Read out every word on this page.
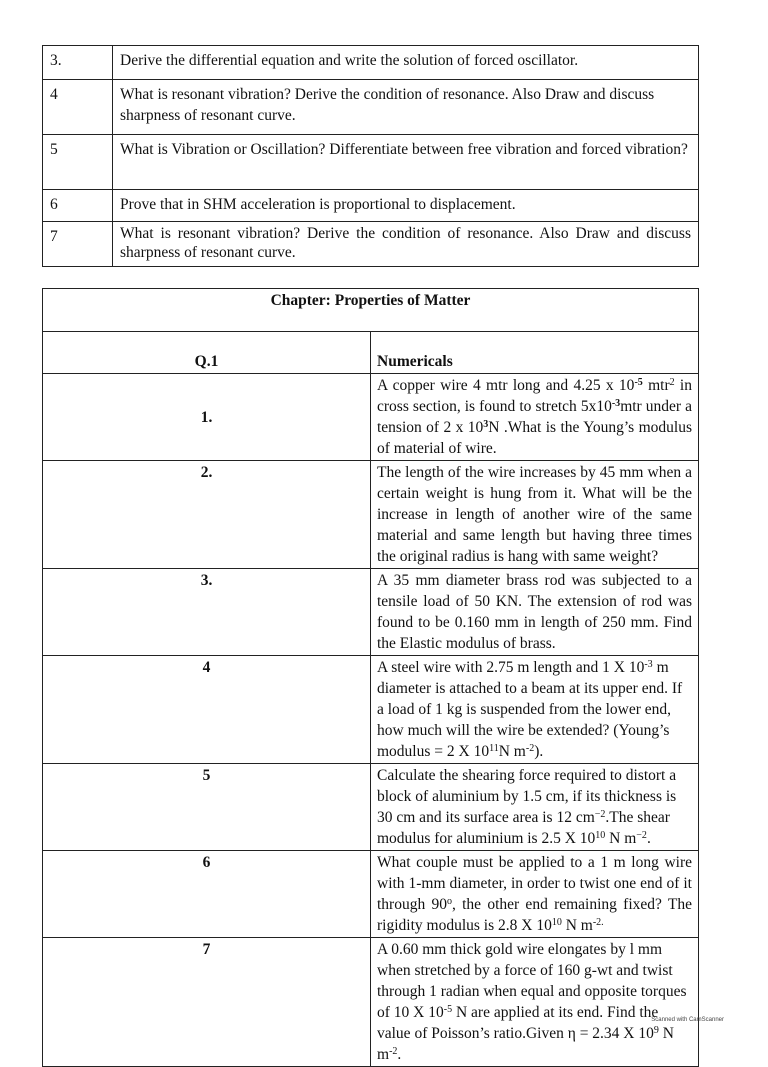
3.	Derive the differential equation and write the solution of forced oscillator.
4	What is resonant vibration? Derive the condition of resonance. Also Draw and discuss sharpness of resonant curve.
5	What is Vibration or Oscillation? Differentiate between free vibration and forced vibration?
6	Prove that in SHM acceleration is proportional to displacement.
7	What is resonant vibration? Derive the condition of resonance. Also Draw and discuss sharpness of resonant curve.
Chapter: Properties of Matter	
Q.1	Numericals
1.	A copper wire 4 mtr long and 4.25 x $10^{-5}$ mtr$^2$ in cross section, is found to stretch $5x10^{-3}mtr$ under a tension of 2 x $10^3N$ .What is the Young’s modulus of material of wire.
2.	The length of the wire increases by 45 mm when a certain weight is hung from it. What will be the increase in length of another wire of the same material and same length but having three times the original radius is hang with same weight?
3.	A 35 mm diameter brass rod was subjected to a tensile load of 50 KN. The extension of rod was found to be 0.160 mm in length of 250 mm. Find the Elastic modulus of brass.
4	A steel wire with 2.75 m length and 1 X $10^{-3}$ m diameter is attached to a beam at its upper end. If a load of 1 kg is suspended from the lower end, how much will the wire be extended? (Young’s modulus = 2 X $10^{11}N$ $m^{-2}$).
5	Calculate the shearing force required to distort a block of aluminium by 1.5 cm, if its thickness is 30 cm and its surface area is 12 $cm^{-2}.The$ shear modulus for aluminium is 2.5 X $10^{10}$ N $m^{-2}$.
6	What couple must be applied to a 1 m long wire with 1-mm diameter, in order to twist one end of it through 90$^o$, the other end remaining fixed? The rigidity modulus is 2.8 X $10^{10}$ N $m^{-2.}$
7	A 0.60 mm thick gold wire elongates by l mm when stretched by a force of 160 g-wt and twist through 1 radian when equal and opposite torques of 10 X $10^{-5}$ N are applied at its end. Find the value of Poisson’s ratio.Given η = 2.34 X $10^9$ N $m^{-2}$.
Scanned with CamScanner
